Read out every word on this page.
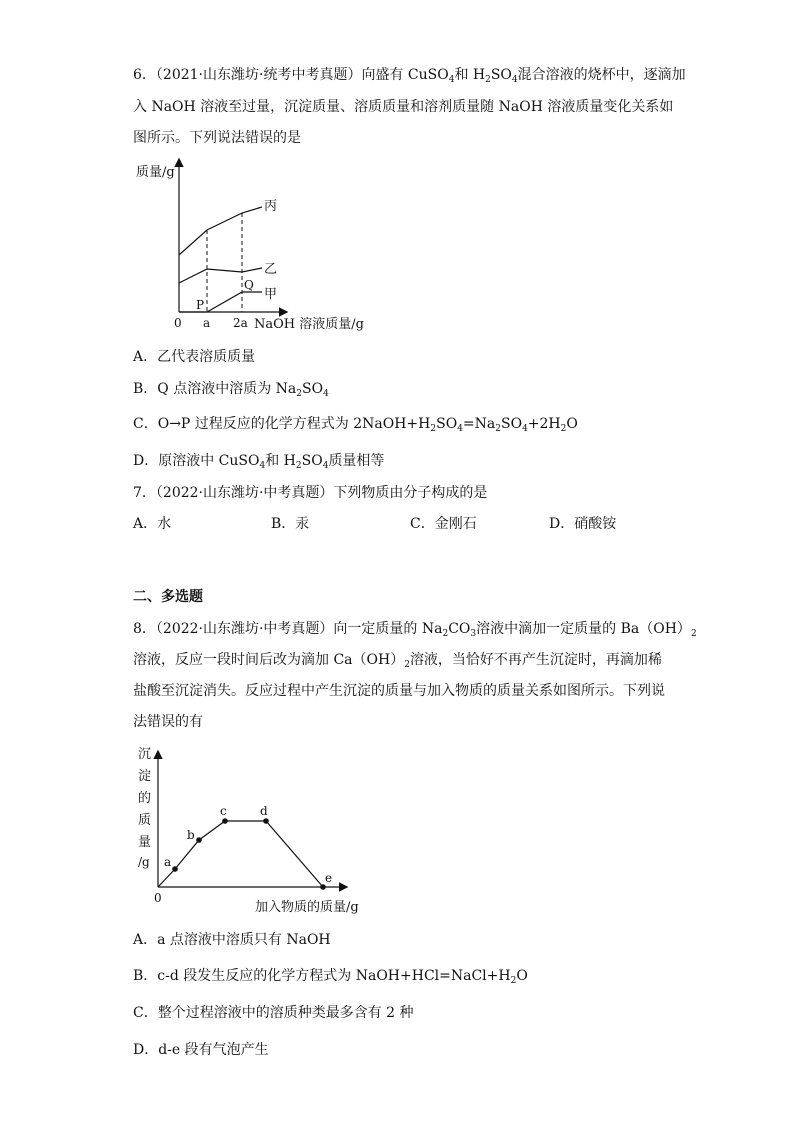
6．（2021·山东潍坊·统考中考真题）向盛有 CuSO$_4$和 $H_2SO_4$混合溶液的烧杯中，逐滴加
入 NaOH 溶液至过量，沉淀质量、溶质质量和溶剂质量随 NaOH 溶液质量变化关系如
图所示。下列说法错误的是
质量/g
NaOH 溶液质量/g
0 a 2a
丙
乙
甲
P
Q
a
b
c	d
e
0
加入物质的质量/g
沉
淀
的
质
量
/g
A．乙代表溶质质量
B．Q 点溶液中溶质为 $Na_2SO_4$
C．O→P 过程反应的化学方程式为 $2NaOH+H_2SO_4=Na_2SO_4+2H_2O$
D．原溶液中 CuSO$_4$和 $H_2SO_4$质量相等
7．（2022·山东潍坊·中考真题）下列物质由分子构成的是
A．水	B．汞	C．金刚石	D．硝酸铵
二、多选题
8．（2022·山东潍坊·中考真题）向一定质量的 $Na_2CO_3$溶液中滴加一定质量的 $Ba(OH)_2$
溶液，反应一段时间后改为滴加 $Ca(OH)_2$溶液，当恰好不再产生沉淀时，再滴加稀
盐酸至沉淀消失。反应过程中产生沉淀的质量与加入物质的质量关系如图所示。下列说
法错误的有
A．a 点溶液中溶质只有 NaOH
B．c-d 段发生反应的化学方程式为 $NaOH+HCl=NaCl+H_2O$
C．整个过程溶液中的溶质种类最多含有 2 种
D．d-e 段有气泡产生
